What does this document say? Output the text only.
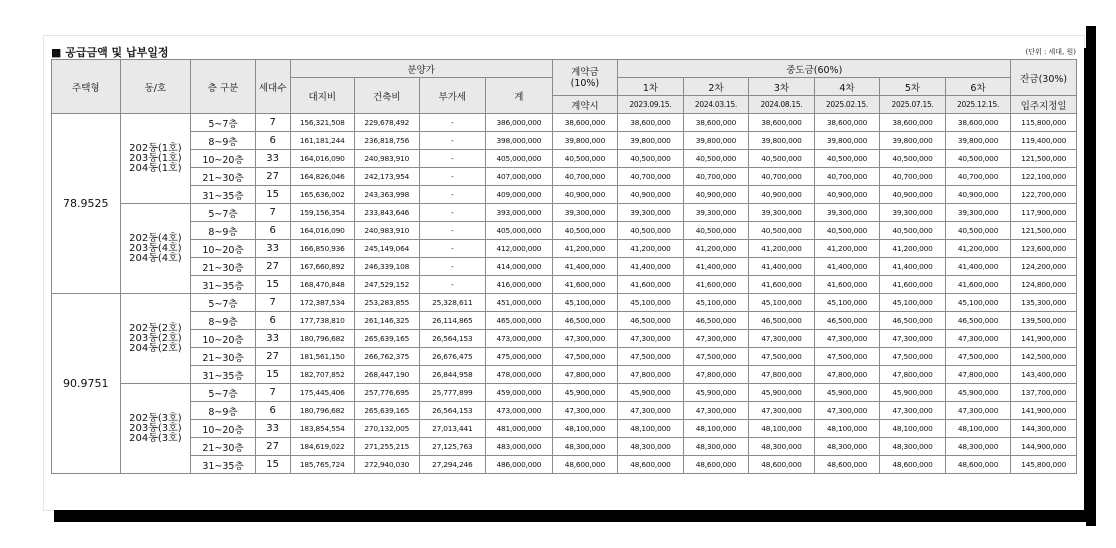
■ 공급금액 및 납부일정	(단위 : 세대, 원)
주택형	동/호	층 구분	세대수	분양가				계약금
(10%)	중도금(60%)						잔금(30%)
				대지비	건축비	부가세	계		1차	2차	3차	4차	5차	6차	
								계약시	2023.09.15.	2024.03.15.	2024.08.15.	2025.02.15.	2025.07.15.	2025.12.15.	입주지정일
78.9525	202동(1호)
203동(1호)
204동(1호)	5~7층	7	156,321,508	229,678,492	-	386,000,000	38,600,000	38,600,000	38,600,000	38,600,000	38,600,000	38,600,000	38,600,000	115,800,000
		8~9층	6	161,181,244	236,818,756	-	398,000,000	39,800,000	39,800,000	39,800,000	39,800,000	39,800,000	39,800,000	39,800,000	119,400,000
		10~20층	33	164,016,090	240,983,910	-	405,000,000	40,500,000	40,500,000	40,500,000	40,500,000	40,500,000	40,500,000	40,500,000	121,500,000
		21~30층	27	164,826,046	242,173,954	-	407,000,000	40,700,000	40,700,000	40,700,000	40,700,000	40,700,000	40,700,000	40,700,000	122,100,000
		31~35층	15	165,636,002	243,363,998	-	409,000,000	40,900,000	40,900,000	40,900,000	40,900,000	40,900,000	40,900,000	40,900,000	122,700,000

	202동(4호)
203동(4호)
204동(4호)	5~7층	7	159,156,354	233,843,646	-	393,000,000	39,300,000	39,300,000	39,300,000	39,300,000	39,300,000	39,300,000	39,300,000	117,900,000
		8~9층	6	164,016,090	240,983,910	-	405,000,000	40,500,000	40,500,000	40,500,000	40,500,000	40,500,000	40,500,000	40,500,000	121,500,000
		10~20층	33	166,850,936	245,149,064	-	412,000,000	41,200,000	41,200,000	41,200,000	41,200,000	41,200,000	41,200,000	41,200,000	123,600,000
		21~30층	27	167,660,892	246,339,108	-	414,000,000	41,400,000	41,400,000	41,400,000	41,400,000	41,400,000	41,400,000	41,400,000	124,200,000
		31~35층	15	168,470,848	247,529,152	-	416,000,000	41,600,000	41,600,000	41,600,000	41,600,000	41,600,000	41,600,000	41,600,000	124,800,000
90.9751	202동(2호)
203동(2호)
204동(2호)	5~7층	7	172,387,534	253,283,855	25,328,611	451,000,000	45,100,000	45,100,000	45,100,000	45,100,000	45,100,000	45,100,000	45,100,000	135,300,000
		8~9층	6	177,738,810	261,146,325	26,114,865	465,000,000	46,500,000	46,500,000	46,500,000	46,500,000	46,500,000	46,500,000	46,500,000	139,500,000
		10~20층	33	180,796,682	265,639,165	26,564,153	473,000,000	47,300,000	47,300,000	47,300,000	47,300,000	47,300,000	47,300,000	47,300,000	141,900,000
		21~30층	27	181,561,150	266,762,375	26,676,475	475,000,000	47,500,000	47,500,000	47,500,000	47,500,000	47,500,000	47,500,000	47,500,000	142,500,000
		31~35층	15	182,707,852	268,447,190	26,844,958	478,000,000	47,800,000	47,800,000	47,800,000	47,800,000	47,800,000	47,800,000	47,800,000	143,400,000

	202동(3호)
203동(3호)
204동(3호)	5~7층	7	175,445,406	257,776,695	25,777,899	459,000,000	45,900,000	45,900,000	45,900,000	45,900,000	45,900,000	45,900,000	45,900,000	137,700,000
		8~9층	6	180,796,682	265,639,165	26,564,153	473,000,000	47,300,000	47,300,000	47,300,000	47,300,000	47,300,000	47,300,000	47,300,000	141,900,000
		10~20층	33	183,854,554	270,132,005	27,013,441	481,000,000	48,100,000	48,100,000	48,100,000	48,100,000	48,100,000	48,100,000	48,100,000	144,300,000
		21~30층	27	184,619,022	271,255,215	27,125,763	483,000,000	48,300,000	48,300,000	48,300,000	48,300,000	48,300,000	48,300,000	48,300,000	144,900,000
		31~35층	15	185,765,724	272,940,030	27,294,246	486,000,000	48,600,000	48,600,000	48,600,000	48,600,000	48,600,000	48,600,000	48,600,000	145,800,000
